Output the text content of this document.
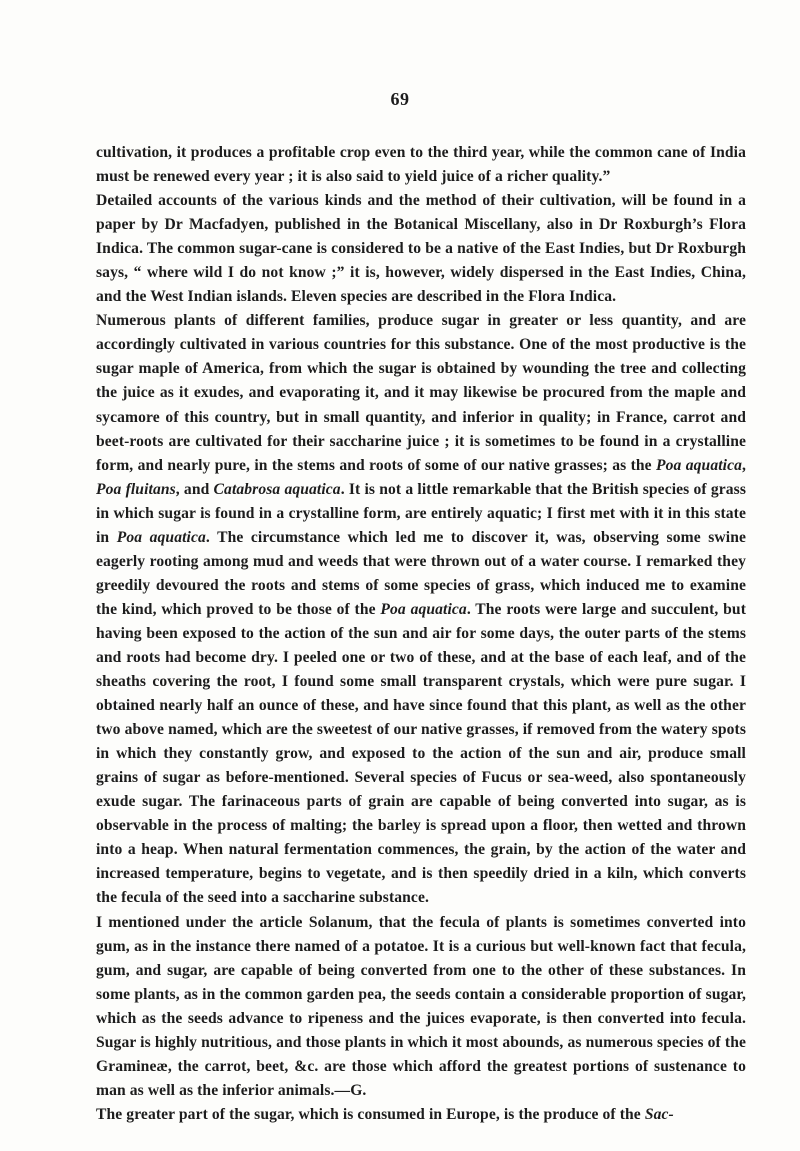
69

cultivation, it produces a profitable crop even to the third year, while the common cane of India must be renewed every year ; it is also said to yield juice of a richer quality.”

Detailed accounts of the various kinds and the method of their cultivation, will be found in a paper by Dr Macfadyen, published in the Botanical Miscellany, also in Dr Roxburgh’s Flora Indica. The common sugar-cane is considered to be a native of the East Indies, but Dr Roxburgh says, “ where wild I do not know ;” it is, however, widely dispersed in the East Indies, China, and the West Indian islands. Eleven species are described in the Flora Indica.

Numerous plants of different families, produce sugar in greater or less quantity, and are accordingly cultivated in various countries for this substance. One of the most productive is the sugar maple of America, from which the sugar is obtained by wounding the tree and collecting the juice as it exudes, and evaporating it, and it may likewise be procured from the maple and sycamore of this country, but in small quantity, and inferior in quality; in France, carrot and beet-roots are cultivated for their saccharine juice ; it is sometimes to be found in a crystalline form, and nearly pure, in the stems and roots of some of our native grasses; as the Poa aquatica, Poa fluitans, and Catabrosa aquatica. It is not a little remarkable that the British species of grass in which sugar is found in a crystalline form, are entirely aquatic; I first met with it in this state in Poa aquatica. The circumstance which led me to discover it, was, observing some swine eagerly rooting among mud and weeds that were thrown out of a water course. I remarked they greedily devoured the roots and stems of some species of grass, which induced me to examine the kind, which proved to be those of the Poa aquatica. The roots were large and succulent, but having been exposed to the action of the sun and air for some days, the outer parts of the stems and roots had become dry. I peeled one or two of these, and at the base of each leaf, and of the sheaths covering the root, I found some small transparent crystals, which were pure sugar. I obtained nearly half an ounce of these, and have since found that this plant, as well as the other two above named, which are the sweetest of our native grasses, if removed from the watery spots in which they constantly grow, and exposed to the action of the sun and air, produce small grains of sugar as before-mentioned. Several species of Fucus or sea-weed, also spontaneously exude sugar. The farinaceous parts of grain are capable of being converted into sugar, as is observable in the process of malting; the barley is spread upon a floor, then wetted and thrown into a heap. When natural fermentation commences, the grain, by the action of the water and increased temperature, begins to vegetate, and is then speedily dried in a kiln, which converts the fecula of the seed into a saccharine substance.

I mentioned under the article Solanum, that the fecula of plants is sometimes converted into gum, as in the instance there named of a potatoe. It is a curious but well-known fact that fecula, gum, and sugar, are capable of being converted from one to the other of these substances. In some plants, as in the common garden pea, the seeds contain a considerable proportion of sugar, which as the seeds advance to ripeness and the juices evaporate, is then converted into fecula. Sugar is highly nutritious, and those plants in which it most abounds, as numerous species of the Gramineæ, the carrot, beet, &c. are those which afford the greatest portions of sustenance to man as well as the inferior animals.—G.

The greater part of the sugar, which is consumed in Europe, is the produce of the Sac-
